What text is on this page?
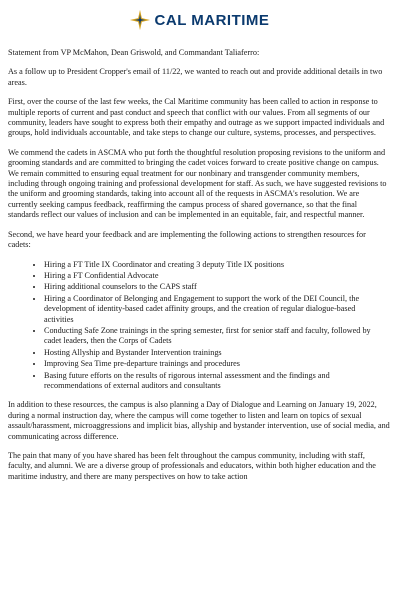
CAL MARITIME

Statement from VP McMahon, Dean Griswold, and Commandant Taliaferro:

As a follow up to President Cropper's email of 11/22, we wanted to reach out and provide additional details in two areas.

First, over the course of the last few weeks, the Cal Maritime community has been called to action in response to multiple reports of current and past conduct and speech that conflict with our values. From all segments of our community, leaders have sought to express both their empathy and outrage as we support impacted individuals and groups, hold individuals accountable, and take steps to change our culture, systems, processes, and perspectives.

We commend the cadets in ASCMA who put forth the thoughtful resolution proposing revisions to the uniform and grooming standards and are committed to bringing the cadet voices forward to create positive change on campus. We remain committed to ensuring equal treatment for our nonbinary and transgender community members, including through ongoing training and professional development for staff. As such, we have suggested revisions to the uniform and grooming standards, taking into account all of the requests in ASCMA's resolution. We are currently seeking campus feedback, reaffirming the campus process of shared governance, so that the final standards reflect our values of inclusion and can be implemented in an equitable, fair, and respectful manner.

Second, we have heard your feedback and are implementing the following actions to strengthen resources for cadets:

• Hiring a FT Title IX Coordinator and creating 3 deputy Title IX positions
• Hiring a FT Confidential Advocate
• Hiring additional counselors to the CAPS staff
• Hiring a Coordinator of Belonging and Engagement to support the work of the DEI Council, the development of identity-based cadet affinity groups, and the creation of regular dialogue-based activities
• Conducting Safe Zone trainings in the spring semester, first for senior staff and faculty, followed by cadet leaders, then the Corps of Cadets
• Hosting Allyship and Bystander Intervention trainings
• Improving Sea Time pre-departure trainings and procedures
• Basing future efforts on the results of rigorous internal assessment and the findings and recommendations of external auditors and consultants

In addition to these resources, the campus is also planning a Day of Dialogue and Learning on January 19, 2022, during a normal instruction day, where the campus will come together to listen and learn on topics of sexual assault/harassment, microaggressions and implicit bias, allyship and bystander intervention, use of social media, and communicating across difference.

The pain that many of you have shared has been felt throughout the campus community, including with staff, faculty, and alumni. We are a diverse group of professionals and educators, within both higher education and the maritime industry, and there are many perspectives on how to take action
